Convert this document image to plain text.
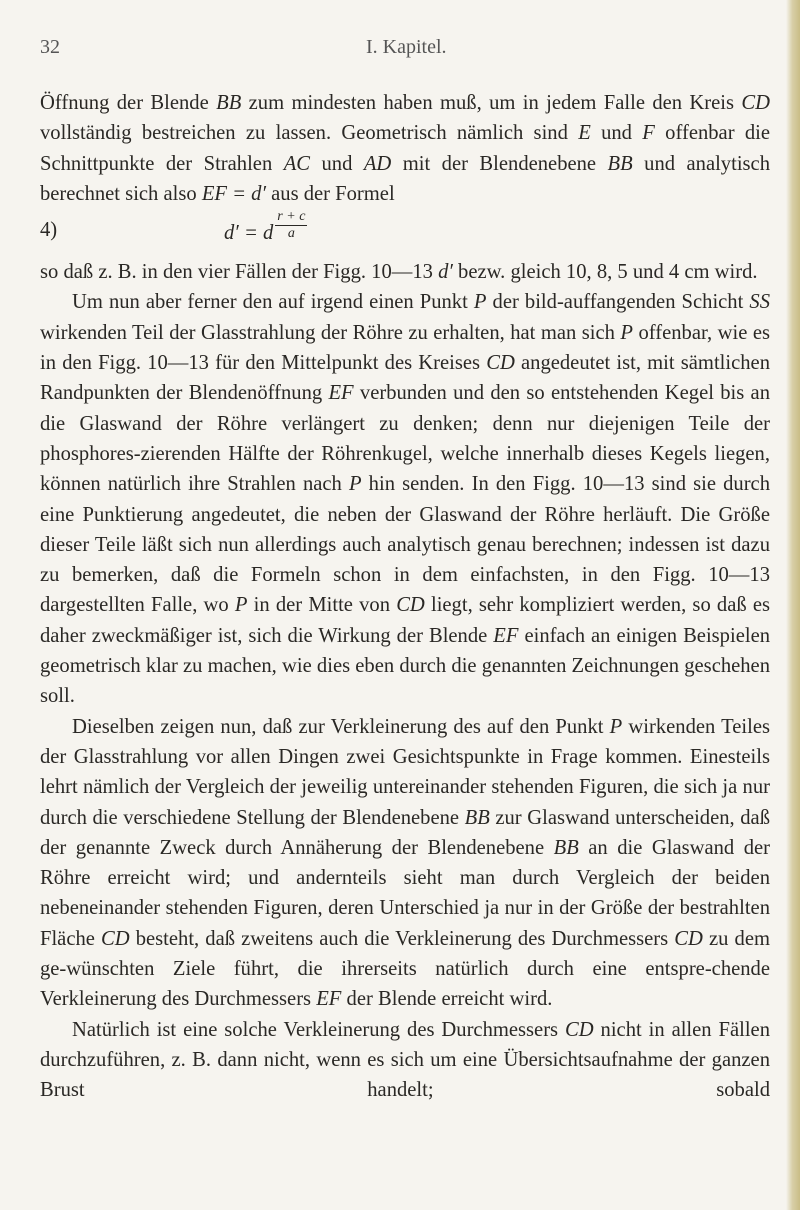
32	I. Kapitel.

Öffnung der Blende BB zum mindesten haben muß, um in jedem Falle den Kreis CD vollständig bestreichen zu lassen. Geometrisch nämlich sind E und F offenbar die Schnittpunkte der Strahlen AC und AD mit der Blendenebene BB und analytisch berechnet sich also EF = d′ aus der Formel

4)	d′ = d $\frac{r + c}{a}$

so daß z. B. in den vier Fällen der Figg. 10—13 d′ bezw. gleich 10, 8, 5 und 4 cm wird.

Um nun aber ferner den auf irgend einen Punkt P der bild-auffangenden Schicht SS wirkenden Teil der Glasstrahlung der Röhre zu erhalten, hat man sich P offenbar, wie es in den Figg. 10—13 für den Mittelpunkt des Kreises CD angedeutet ist, mit sämtlichen Randpunkten der Blendenöffnung EF verbunden und den so entstehenden Kegel bis an die Glaswand der Röhre verlängert zu denken; denn nur diejenigen Teile der phosphores-zierenden Hälfte der Röhrenkugel, welche innerhalb dieses Kegels liegen, können natürlich ihre Strahlen nach P hin senden. In den Figg. 10—13 sind sie durch eine Punktierung angedeutet, die neben der Glaswand der Röhre herläuft. Die Größe dieser Teile läßt sich nun allerdings auch analytisch genau berechnen; indessen ist dazu zu bemerken, daß die Formeln schon in dem einfachsten, in den Figg. 10—13 dargestellten Falle, wo P in der Mitte von CD liegt, sehr kompliziert werden, so daß es daher zweckmäßiger ist, sich die Wirkung der Blende EF einfach an einigen Beispielen geometrisch klar zu machen, wie dies eben durch die genannten Zeichnungen geschehen soll.

Dieselben zeigen nun, daß zur Verkleinerung des auf den Punkt P wirkenden Teiles der Glasstrahlung vor allen Dingen zwei Gesichtspunkte in Frage kommen. Einesteils lehrt nämlich der Vergleich der jeweilig untereinander stehenden Figuren, die sich ja nur durch die verschiedene Stellung der Blendenebene BB zur Glaswand unterscheiden, daß der genannte Zweck durch Annäherung der Blendenebene BB an die Glaswand der Röhre erreicht wird; und andernteils sieht man durch Vergleich der beiden nebeneinander stehenden Figuren, deren Unterschied ja nur in der Größe der bestrahlten Fläche CD besteht, daß zweitens auch die Verkleinerung des Durchmessers CD zu dem ge-wünschten Ziele führt, die ihrerseits natürlich durch eine entspre-chende Verkleinerung des Durchmessers EF der Blende erreicht wird.

Natürlich ist eine solche Verkleinerung des Durchmessers CD nicht in allen Fällen durchzuführen, z. B. dann nicht, wenn es sich um eine Übersichtsaufnahme der ganzen Brust handelt; sobald
